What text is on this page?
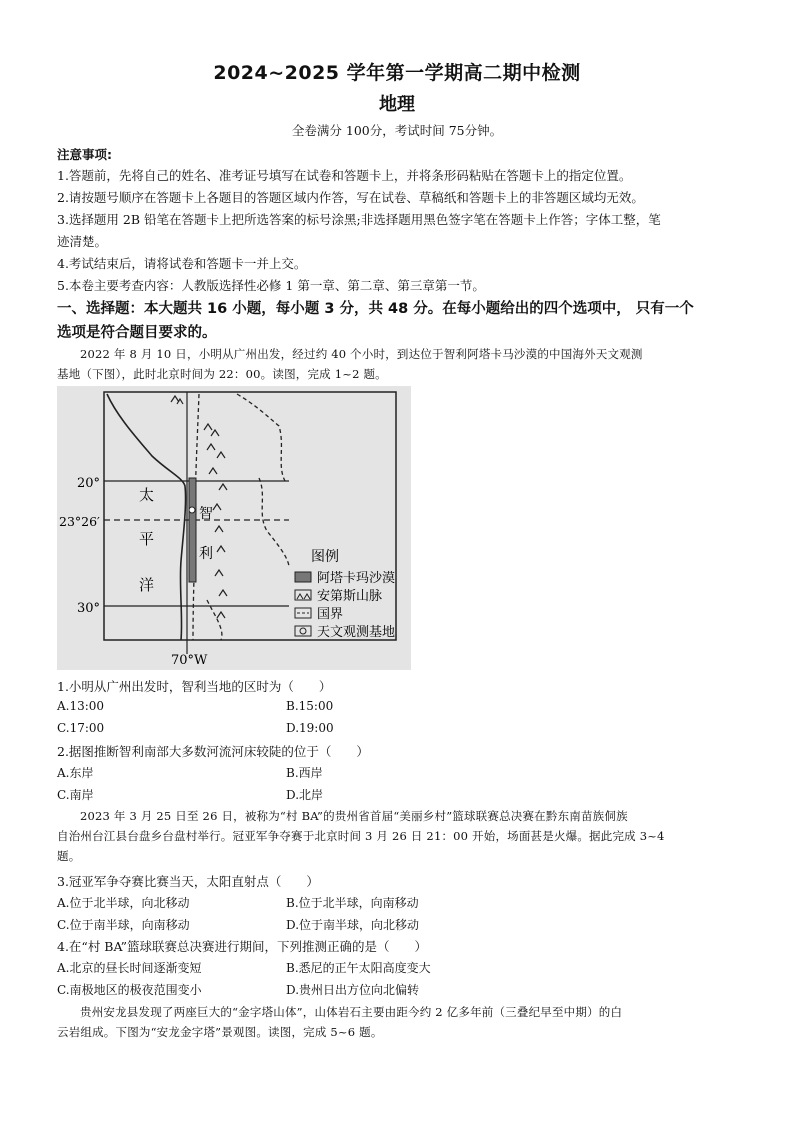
2024~2025 学年第一学期高二期中检测
地理
全卷满分 100分，考试时间 75分钟。
注意事项:
1.答题前，先将自己的姓名、准考证号填写在试卷和答题卡上，并将条形码粘贴在答题卡上的指定位置。
2.请按题号顺序在答题卡上各题目的答题区域内作答，写在试卷、草稿纸和答题卡上的非答题区域均无效。
3.选择题用 2B 铅笔在答题卡上把所选答案的标号涂黑;非选择题用黑色签字笔在答题卡上作答；字体工整，笔
迹清楚。
4.考试结束后，请将试卷和答题卡一并上交。
5.本卷主要考查内容：人教版选择性必修 1 第一章、第二章、第三章第一节。
一、选择题：本大题共 16 小题，每小题 3 分，共 48 分。在每小题给出的四个选项中， 只有一个
选项是符合题目要求的。
2022 年 8 月 10 日，小明从广州出发，经过约 40 个小时，到达位于智利阿塔卡马沙漠的中国海外天文观测
基地（下图），此时北京时间为 22：00。读图，完成 1~2 题。
20°
23°26′
30°
70°W
太
平
洋
智
利	图例
阿塔卡玛沙漠
安第斯山脉
国界
天文观测基地
1.小明从广州出发时，智利当地的区时为（　　）
A.13:00	B.15:00
C.17:00	D.19:00
2.据图推断智利南部大多数河流河床较陡的位于（　　）
A.东岸	B.西岸
C.南岸	D.北岸
2023 年 3 月 25 日至 26 日，被称为“村 BA”的贵州省首届“美丽乡村”篮球联赛总决赛在黔东南苗族侗族
自治州台江县台盘乡台盘村举行。冠亚军争夺赛于北京时间 3 月 26 日 21：00 开始，场面甚是火爆。据此完成 3~4
题。
3.冠亚军争夺赛比赛当天，太阳直射点（　　）
A.位于北半球，向北移动	B.位于北半球，向南移动
C.位于南半球，向南移动	D.位于南半球，向北移动
4.在“村 BA”篮球联赛总决赛进行期间，下列推测正确的是（　　）
A.北京的昼长时间逐渐变短	B.悉尼的正午太阳高度变大
C.南极地区的极夜范围变小	D.贵州日出方位向北偏转
贵州安龙县发现了两座巨大的“金字塔山体”，山体岩石主要由距今约 2 亿多年前（三叠纪早至中期）的白
云岩组成。下图为“安龙金字塔”景观图。读图，完成 5~6 题。
